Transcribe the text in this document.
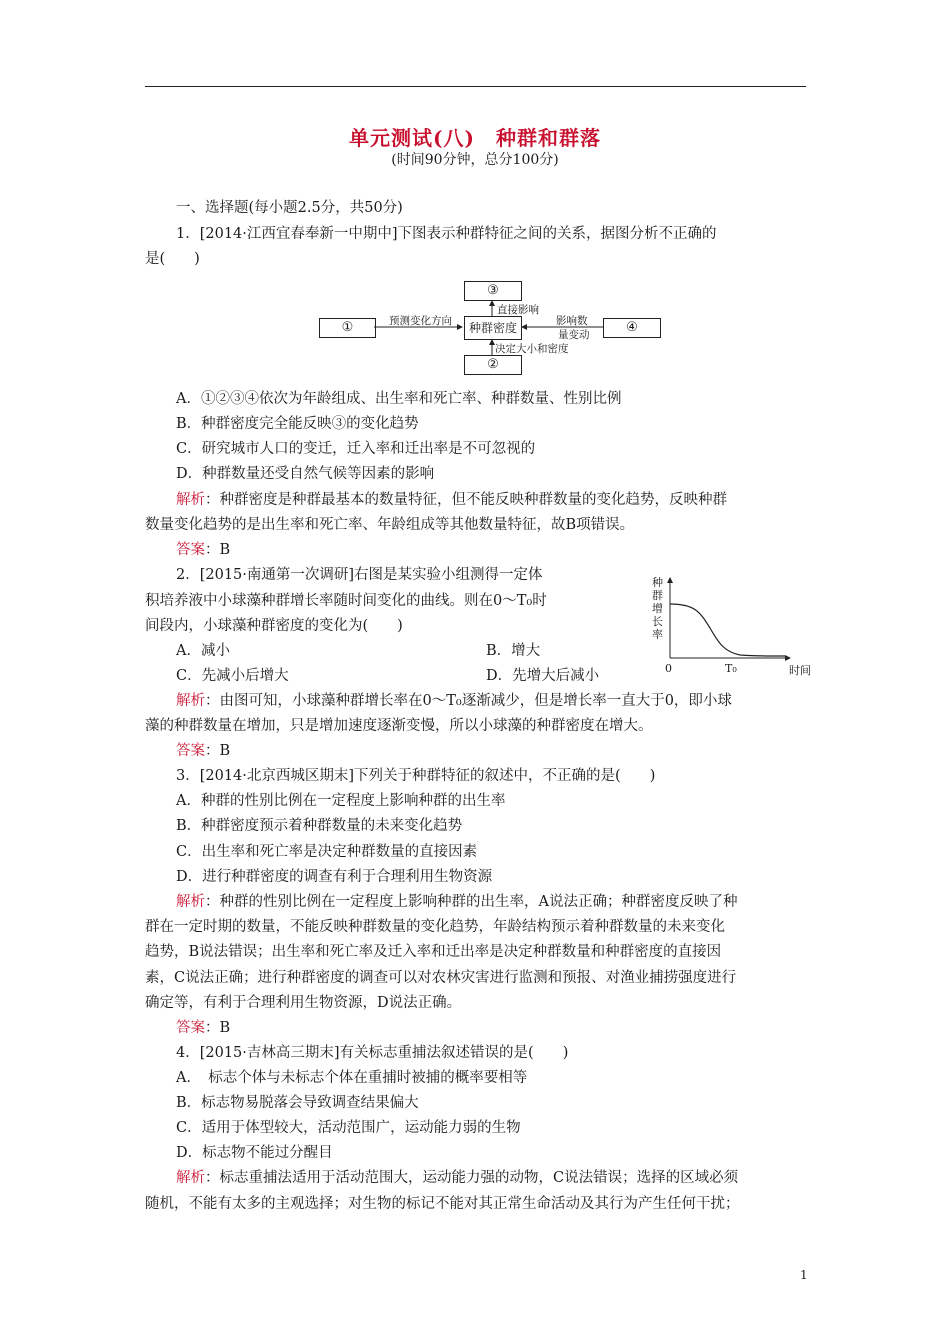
单元测试(八)　种群和群落
(时间90分钟，总分100分)
一、选择题(每小题2.5分，共50分)
1．[2014·江西宜春奉新一中期中]下图表示种群特征之间的关系，据图分析不正确的
是(　　)
③
①	种群密度	④
②
预测变化方向
直接影响
决定大小和密度
影响数
量变动
A．①②③④依次为年龄组成、出生率和死亡率、种群数量、性别比例
B．种群密度完全能反映③的变化趋势
C．研究城市人口的变迁，迁入率和迁出率是不可忽视的
D．种群数量还受自然气候等因素的影响
解析：种群密度是种群最基本的数量特征，但不能反映种群数量的变化趋势，反映种群
数量变化趋势的是出生率和死亡率、年龄组成等其他数量特征，故B项错误。
答案：B
2．[2015·南通第一次调研]右图是某实验小组测得一定体
积培养液中小球藻种群增长率随时间变化的曲线。则在0～T₀时
间段内，小球藻种群密度的变化为(　　)
A．减小	B．增大
C．先减小后增大	D．先增大后减小
种
群
增
长
率
0	T₀	时间
解析：由图可知，小球藻种群增长率在0～T₀逐渐减少，但是增长率一直大于0，即小球
藻的种群数量在增加，只是增加速度逐渐变慢，所以小球藻的种群密度在增大。
答案：B
3．[2014·北京西城区期末]下列关于种群特征的叙述中，不正确的是(　　)
A．种群的性别比例在一定程度上影响种群的出生率
B．种群密度预示着种群数量的未来变化趋势
C．出生率和死亡率是决定种群数量的直接因素
D．进行种群密度的调查有利于合理利用生物资源
解析：种群的性别比例在一定程度上影响种群的出生率，A说法正确；种群密度反映了种
群在一定时期的数量，不能反映种群数量的变化趋势，年龄结构预示着种群数量的未来变化
趋势，B说法错误；出生率和死亡率及迁入率和迁出率是决定种群数量和种群密度的直接因
素，C说法正确；进行种群密度的调查可以对农林灾害进行监测和预报、对渔业捕捞强度进行
确定等，有利于合理利用生物资源，D说法正确。
答案：B
4．[2015·吉林高三期末]有关标志重捕法叙述错误的是(　　)
A．　标志个体与未标志个体在重捕时被捕的概率要相等
B．标志物易脱落会导致调查结果偏大
C．适用于体型较大，活动范围广，运动能力弱的生物
D．标志物不能过分醒目
解析：标志重捕法适用于活动范围大，运动能力强的动物，C说法错误；选择的区域必须
随机，不能有太多的主观选择；对生物的标记不能对其正常生命活动及其行为产生任何干扰；
1
